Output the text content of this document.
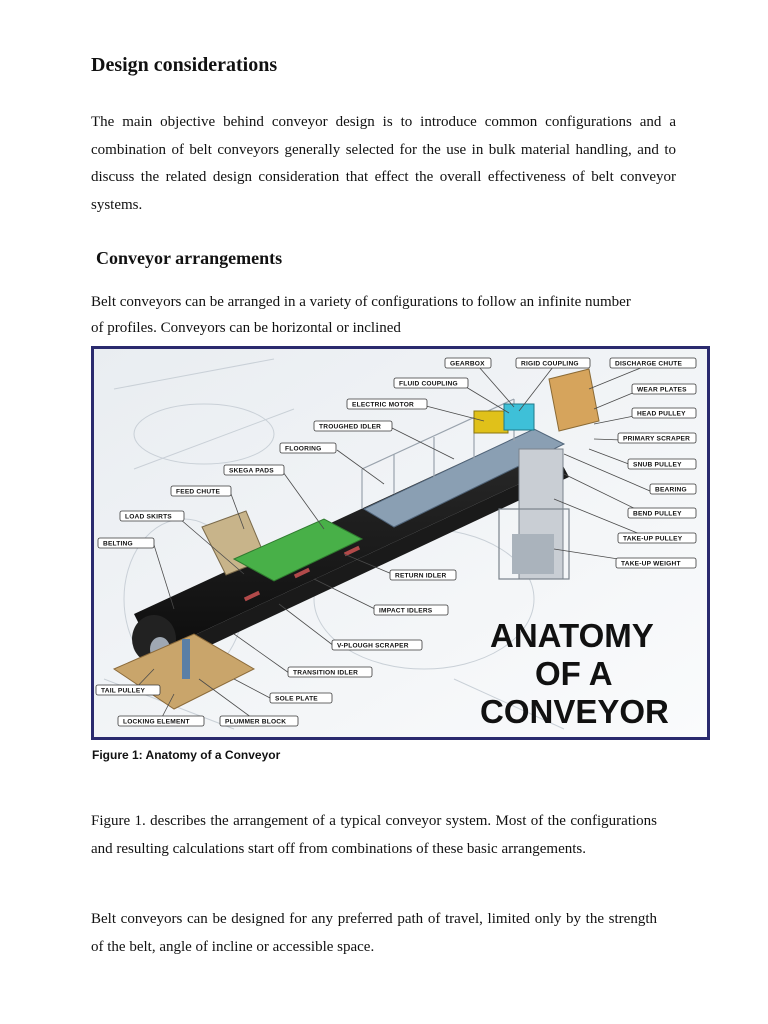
Design considerations

The main objective behind conveyor design is to introduce common configurations and a combination of belt conveyors generally selected for the use in bulk material handling, and to discuss the related design consideration that effect the overall effectiveness of belt conveyor systems.

Conveyor arrangements

Belt conveyors can be arranged in a variety of configurations to follow an infinite number
of profiles. Conveyors can be horizontal or inclined

GEARBOX	RIGID COUPLING	DISCHARGE CHUTE
FLUID COUPLING
WEAR PLATES
ELECTRIC MOTOR
HEAD PULLEY
TROUGHED IDLER
PRIMARY SCRAPER
FLOORING
SNUB PULLEY
SKEGA PADS
BEARING
FEED CHUTE
BEND PULLEY
LOAD SKIRTS
TAKE-UP PULLEY
BELTING
TAKE-UP WEIGHT
RETURN IDLER
IMPACT IDLERS
V-PLOUGH SCRAPER
TRANSITION IDLER
TAIL PULLEY
SOLE PLATE
LOCKING ELEMENT	PLUMMER BLOCK
ANATOMY
OF A
CONVEYOR

Figure 1: Anatomy of a Conveyor

Figure 1. describes the arrangement of a typical conveyor system. Most of the configurations and resulting calculations start off from combinations of these basic arrangements.

Belt conveyors can be designed for any preferred path of travel, limited only by the strength of the belt, angle of incline or accessible space.
